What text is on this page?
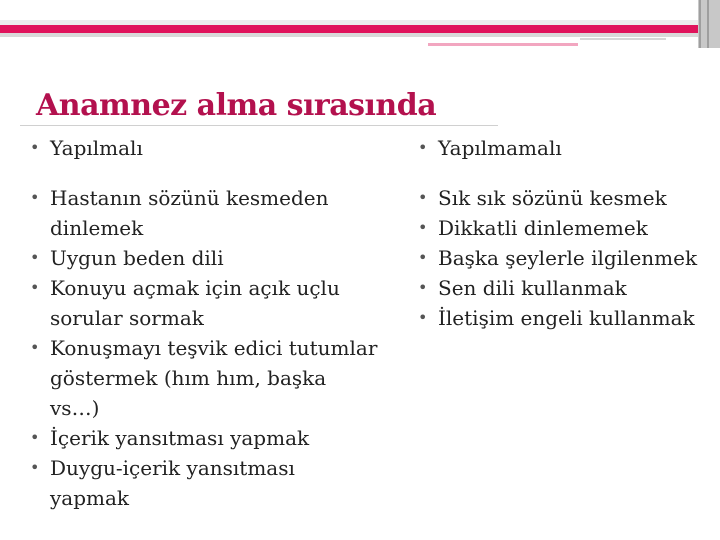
Anamnez alma sırasında
• Yapılmalı
• Hastanın sözünü kesmeden dinlemek
• Uygun beden dili
• Konuyu açmak için açık uçlu sorular sormak
• Konuşmayı teşvik edici tutumlar göstermek (hım hım, başka vs…)
• İçerik yansıtması yapmak
• Duygu-içerik yansıtması yapmak
• Yapılmamalı
• Sık sık sözünü kesmek
• Dikkatli dinlememek
• Başka şeylerle ilgilenmek
• Sen dili kullanmak
• İletişim engeli kullanmak
